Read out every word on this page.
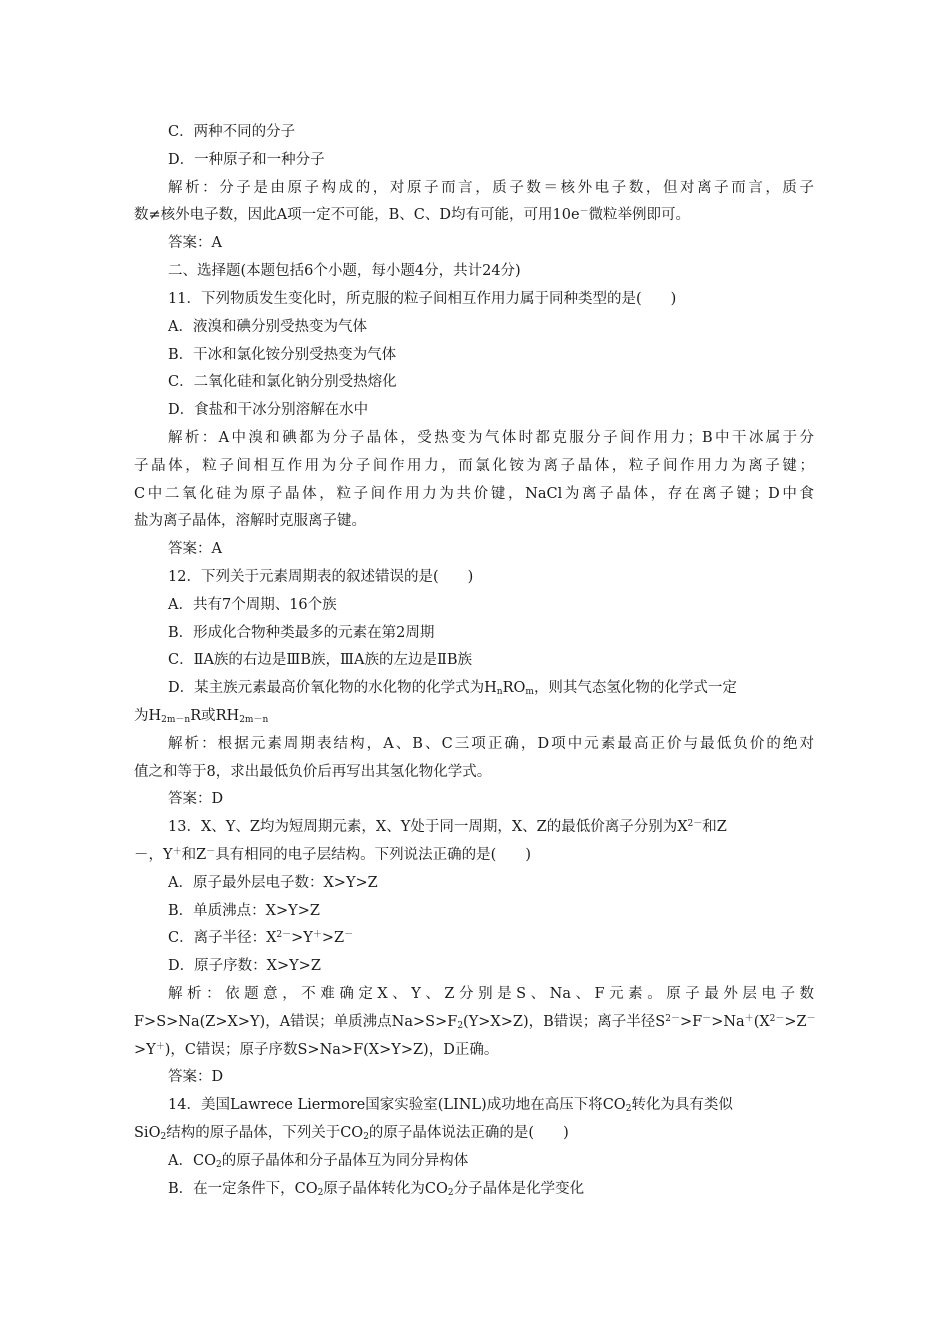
C．两种不同的分子
D．一种原子和一种分子
解析：分子是由原子构成的，对原子而言，质子数＝核外电子数，但对离子而言，质子
数≠核外电子数，因此A项一定不可能，B、C、D均有可能，可用10e－微粒举例即可。
答案：A
二、选择题(本题包括6个小题，每小题4分，共计24分)
11．下列物质发生变化时，所克服的粒子间相互作用力属于同种类型的是(　　)
A．液溴和碘分别受热变为气体
B．干冰和氯化铵分别受热变为气体
C．二氧化硅和氯化钠分别受热熔化
D．食盐和干冰分别溶解在水中
解析：A中溴和碘都为分子晶体，受热变为气体时都克服分子间作用力；B中干冰属于分
子晶体，粒子间相互作用为分子间作用力，而氯化铵为离子晶体，粒子间作用力为离子键；
C中二氧化硅为原子晶体，粒子间作用力为共价键，NaCl为离子晶体，存在离子键；D中食
盐为离子晶体，溶解时克服离子键。
答案：A
12．下列关于元素周期表的叙述错误的是(　　)
A．共有7个周期、16个族
B．形成化合物种类最多的元素在第2周期
C．ⅡA族的右边是ⅢB族，ⅢA族的左边是ⅡB族
D．某主族元素最高价氧化物的水化物的化学式为$H_nRO_m$，则其气态氢化物的化学式一定
为$H_{2m-n}R$或$RH_{2m-n}$
解析：根据元素周期表结构，A、B、C三项正确，D项中元素最高正价与最低负价的绝对
值之和等于8，求出最低负价后再写出其氢化物化学式。
答案：D
13．X、Y、Z均为短周期元素，X、Y处于同一周期，X、Z的最低价离子分别为$X^{2-}$和Z
－，Y＋和Z－具有相同的电子层结构。下列说法正确的是(　　)
A．原子最外层电子数：X>Y>Z
B．单质沸点：X>Y>Z
C．离子半径：$X^{2-}>Y^+>Z^-$
D．原子序数：X>Y>Z
解析：依题意，不难确定X、Y、Z分别是S、Na、F元素。原子最外层电子数
F>S>Na(Z>X>Y)，A错误；单质沸点$Na>S>F_2(Y>X>Z)$，B错误；离子半径$S^{2-}>F^->Na^+(X^{2-}>Z^-$
>Y＋)，C错误；原子序数S>Na>F(X>Y>Z)，D正确。
答案：D
14．美国Lawrece Liermore国家实验室(LINL)成功地在高压下将$CO_2$转化为具有类似
SiO$_2$结构的原子晶体，下列关于$CO_2$的原子晶体说法正确的是(　　)
A．$CO_2$的原子晶体和分子晶体互为同分异构体
B．在一定条件下，$CO_2$原子晶体转化为$CO_2$分子晶体是化学变化
